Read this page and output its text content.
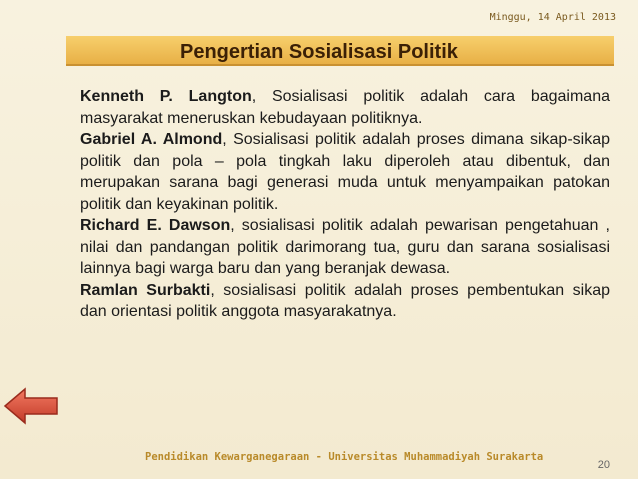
Minggu, 14 April 2013
Pengertian Sosialisasi Politik
Kenneth P. Langton, Sosialisasi politik adalah cara bagaimana masyarakat meneruskan kebudayaan politiknya.
Gabriel A. Almond, Sosialisasi politik adalah proses dimana sikap-sikap politik dan pola – pola tingkah laku diperoleh atau dibentuk, dan merupakan sarana bagi generasi muda untuk menyampaikan patokan politik dan keyakinan politik.
Richard E. Dawson, sosialisasi politik adalah pewarisan pengetahuan , nilai dan pandangan politik darimorang tua, guru dan sarana sosialisasi lainnya bagi warga baru dan yang beranjak dewasa.
Ramlan Surbakti, sosialisasi politik adalah proses pembentukan sikap dan orientasi politik anggota masyarakatnya.
Pendidikan Kewarganegaraan - Universitas Muhammadiyah Surakarta
20
